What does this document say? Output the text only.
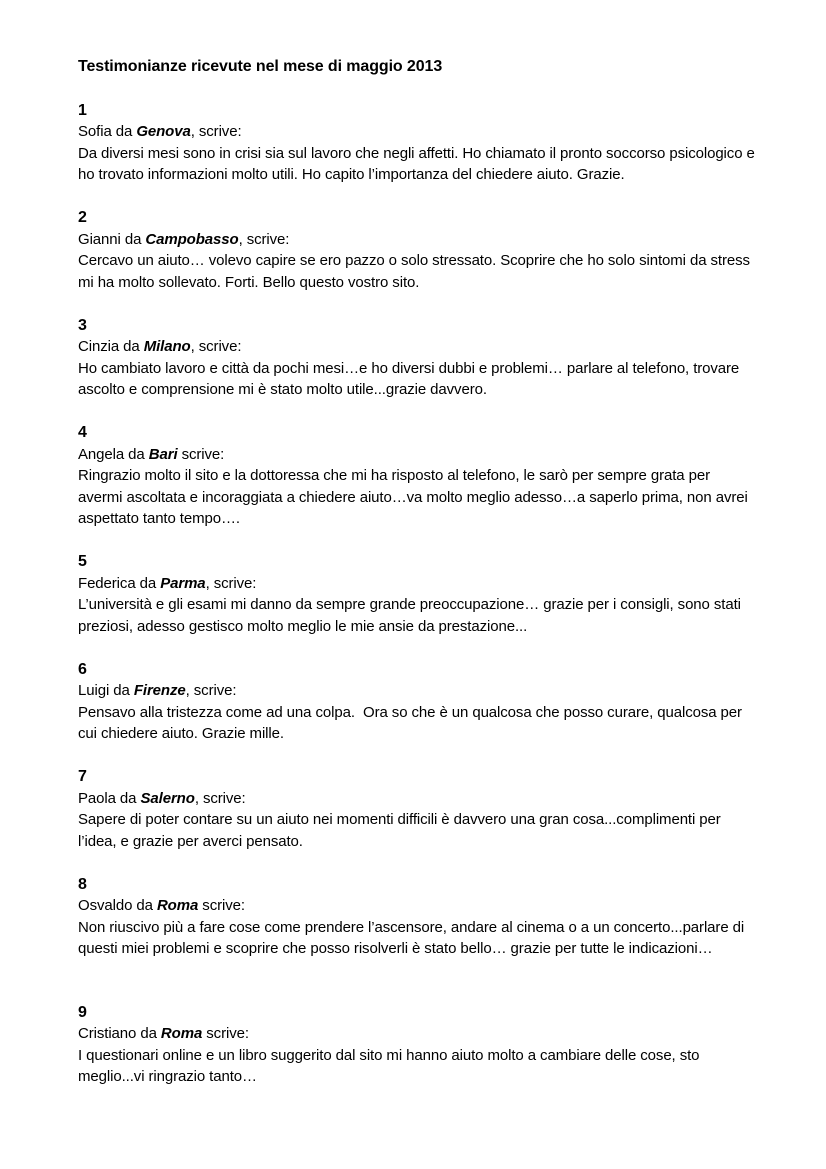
Testimonianze ricevute nel mese di maggio 2013
1
Sofia da Genova, scrive:
Da diversi mesi sono in crisi sia sul lavoro che negli affetti. Ho chiamato il pronto soccorso psicologico e ho trovato informazioni molto utili. Ho capito l’importanza del chiedere aiuto. Grazie.
2
Gianni da Campobasso, scrive:
Cercavo un aiuto… volevo capire se ero pazzo o solo stressato. Scoprire che ho solo sintomi da stress mi ha molto sollevato. Forti. Bello questo vostro sito.
3
Cinzia da Milano, scrive:
Ho cambiato lavoro e città da pochi mesi…e ho diversi dubbi e problemi… parlare al telefono, trovare ascolto e comprensione mi è stato molto utile...grazie davvero.
4
Angela da Bari scrive:
Ringrazio molto il sito e la dottoressa che mi ha risposto al telefono, le sarò per sempre grata per avermi ascoltata e incoraggiata a chiedere aiuto…va molto meglio adesso…a saperlo prima, non avrei aspettato tanto tempo….
5
Federica da Parma, scrive:
L’università e gli esami mi danno da sempre grande preoccupazione… grazie per i consigli, sono stati preziosi, adesso gestisco molto meglio le mie ansie da prestazione...
6
Luigi da Firenze, scrive:
Pensavo alla tristezza come ad una colpa.  Ora so che è un qualcosa che posso curare, qualcosa per cui chiedere aiuto. Grazie mille.
7
Paola da Salerno, scrive:
Sapere di poter contare su un aiuto nei momenti difficili è davvero una gran cosa...complimenti per l’idea, e grazie per averci pensato.
8
Osvaldo da Roma scrive:
Non riuscivo più a fare cose come prendere l’ascensore, andare al cinema o a un concerto...parlare di questi miei problemi e scoprire che posso risolverli è stato bello… grazie per tutte le indicazioni…
9
Cristiano da Roma scrive:
I questionari online e un libro suggerito dal sito mi hanno aiuto molto a cambiare delle cose, sto meglio...vi ringrazio tanto…
